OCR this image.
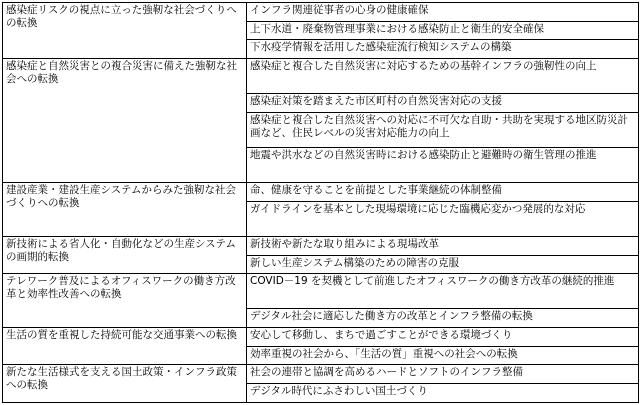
感染症リスクの視点に立った強靭な社会づくりへの転換	インフラ関連従事者の心身の健康確保
	上下水道・廃棄物管理事業における感染防止と衛生的安全確保
	下水疫学情報を活用した感染症流行検知システムの構築
感染症と自然災害との複合災害に備えた強靭な社会への転換	感染症と複合した自然災害に対応するための基幹インフラの強靭性の向上
	感染症対策を踏まえた市区町村の自然災害対応の支援
	感染症と複合した自然災害への対応に不可欠な自助・共助を実現する地区防災計画など、住民レベルの災害対応能力の向上
	地震や洪水などの自然災害時における感染防止と避難時の衛生管理の推進
建設産業・建設生産システムからみた強靭な社会づくりへの転換	命、健康を守ることを前提とした事業継続の体制整備
	ガイドラインを基本とした現場環境に応じた臨機応変かつ発展的な対応
新技術による省人化・自動化などの生産システムの画期的転換	新技術や新たな取り組みによる現場改革
	新しい生産システム構築のための障害の克服
テレワーク普及によるオフィスワークの働き方改革と効率性改善への転換	COVID－19 を契機として前進したオフィスワークの働き方改革の継続的推進
	デジタル社会に適応した働き方の改革とインフラ整備の転換
生活の質を重視した持続可能な交通事業への転換	安心して移動し、まちで過ごすことができる環境づくり
	効率重視の社会から、「生活の質」重視への社会への転換
新たな生活様式を支える国土政策・インフラ政策への転換	社会の連帯と協調を高めるハードとソフトのインフラ整備
	デジタル時代にふさわしい国土づくり
